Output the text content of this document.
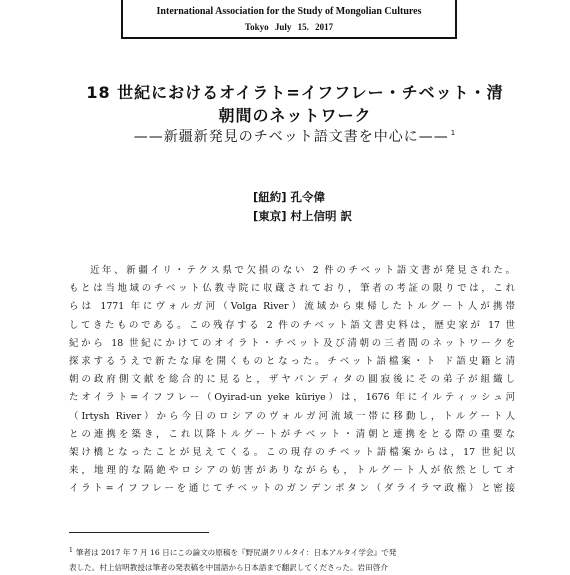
International Association for the Study of Mongolian Cultures
Tokyo July 15. 2017
18 世紀におけるオイラト=イフフレー・チベット・清
朝間のネットワーク
——新疆新発見のチベット語文書を中心に—— $^1$
[紐約] 孔令偉
[東京] 村上信明 訳
近年、新疆イリ・テクス県で欠損のない 2 件のチベット語文書が発見された。
もとは当地域のチベット仏教寺院に収蔵されており，筆者の考証の限りでは，これ
らは 1771 年にヴォルガ河（Volga River）流域から東帰したトルグート人が携帯
してきたものである。この残存する 2 件のチベット語文書史料は，歴史家が 17 世
紀から 18 世紀にかけてのオイラト・チベット及び清朝の三者間のネットワークを
探求するうえで新たな扉を開くものとなった。チベット語檔案・ト ド語史籍と清
朝の政府側文献を総合的に見ると，ザヤパンディタの圓寂後にその弟子が組織し
たオイラト=イフフレー（Oyirad-un yeke küriye）は，1676 年にイルティッシュ河
（Irtysh River）から今日のロシアのヴォルガ河流域一帯に移動し，トルグート人
との連携を築き，これ以降トルグートがチベット・清朝と連携をとる際の重要な
架け橋となったことが見えてくる。この現存のチベット語檔案からは，17 世紀以
来，地理的な隔絶やロシアの妨害がありながらも，トルグート人が依然としてオ
イラト=イフフレーを通じてチベットのガンデンポタン（ダライラマ政権）と密接
$^1$ 筆者は 2017 年 7 月 16 日にこの論文の原稿を『野尻湖クリルタイ：日本アルタイ学会』で発
表した。村上信明教授は筆者の発表稿を中国語から日本語まで翻訳してくださった。岩田啓介
